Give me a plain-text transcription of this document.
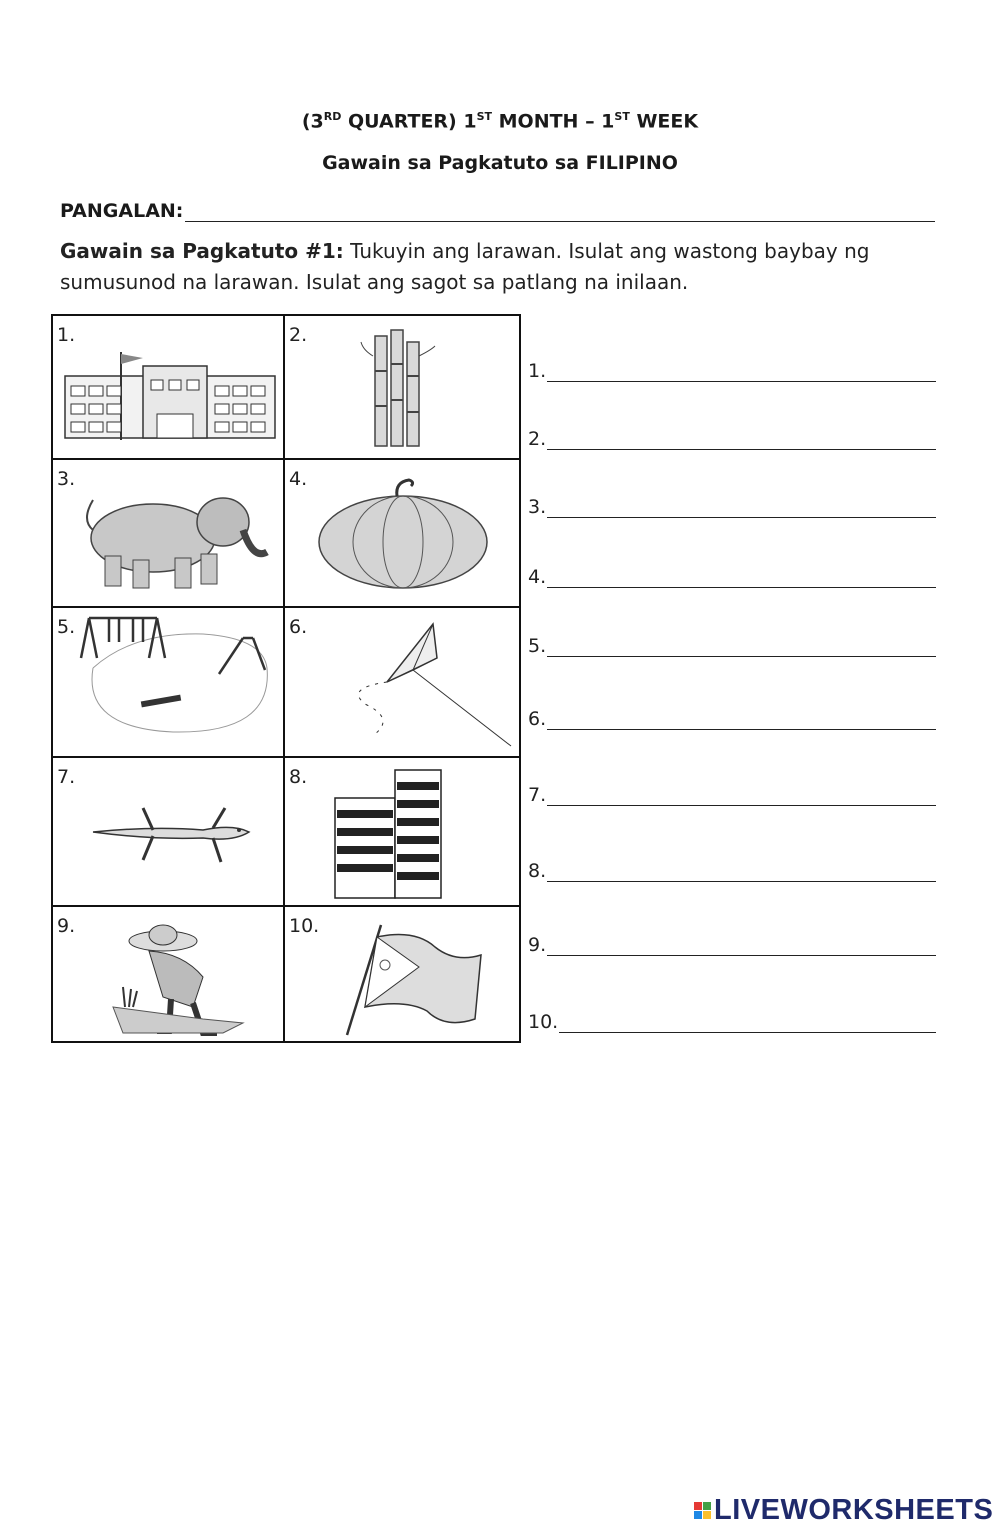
(3RD QUARTER) 1ST MONTH – 1ST WEEK
Gawain sa Pagkatuto sa FILIPINO
PANGALAN:
Gawain sa Pagkatuto #1: Tukuyin ang larawan. Isulat ang wastong baybay ng sumusunod na larawan. Isulat ang sagot sa patlang na inilaan.
1.	2.
3.	4.
5.	6.
7.	8.
9.	10.
1.
2.
3.
4.
5.
6.
7.
8.
9.
10.
LIVEWORKSHEETS
